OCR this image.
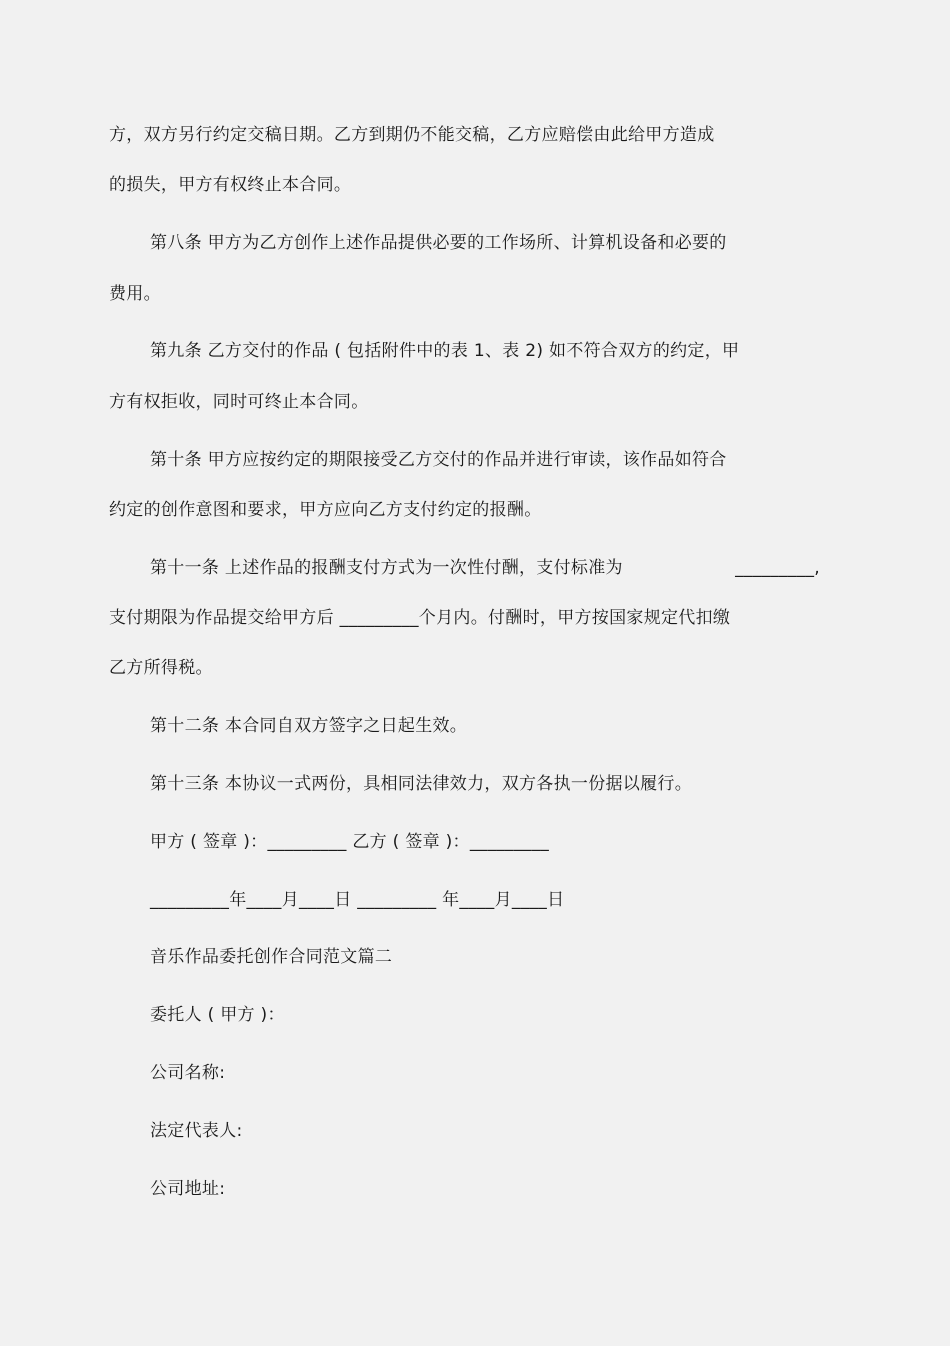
方，双方另行约定交稿日期。乙方到期仍不能交稿，乙方应赔偿由此给甲方造成
的损失，甲方有权终止本合同。
第八条 甲方为乙方创作上述作品提供必要的工作场所、计算机设备和必要的
费用。
第九条 乙方交付的作品 ( 包括附件中的表 1、表 2) 如不符合双方的约定，甲
方有权拒收，同时可终止本合同。
第十条 甲方应按约定的期限接受乙方交付的作品并进行审读，该作品如符合
约定的创作意图和要求，甲方应向乙方支付约定的报酬。
第十一条 上述作品的报酬支付方式为一次性付酬，支付标准为	_________,
支付期限为作品提交给甲方后 _________个月内。付酬时，甲方按国家规定代扣缴
乙方所得税。
第十二条 本合同自双方签字之日起生效。
第十三条 本协议一式两份，具相同法律效力，双方各执一份据以履行。
甲方 ( 签章 )：_________ 乙方 ( 签章 )：_________
_________年____月____日 _________ 年____月____日
音乐作品委托创作合同范文篇二
委托人 ( 甲方 )：
公司名称:
法定代表人:
公司地址:
